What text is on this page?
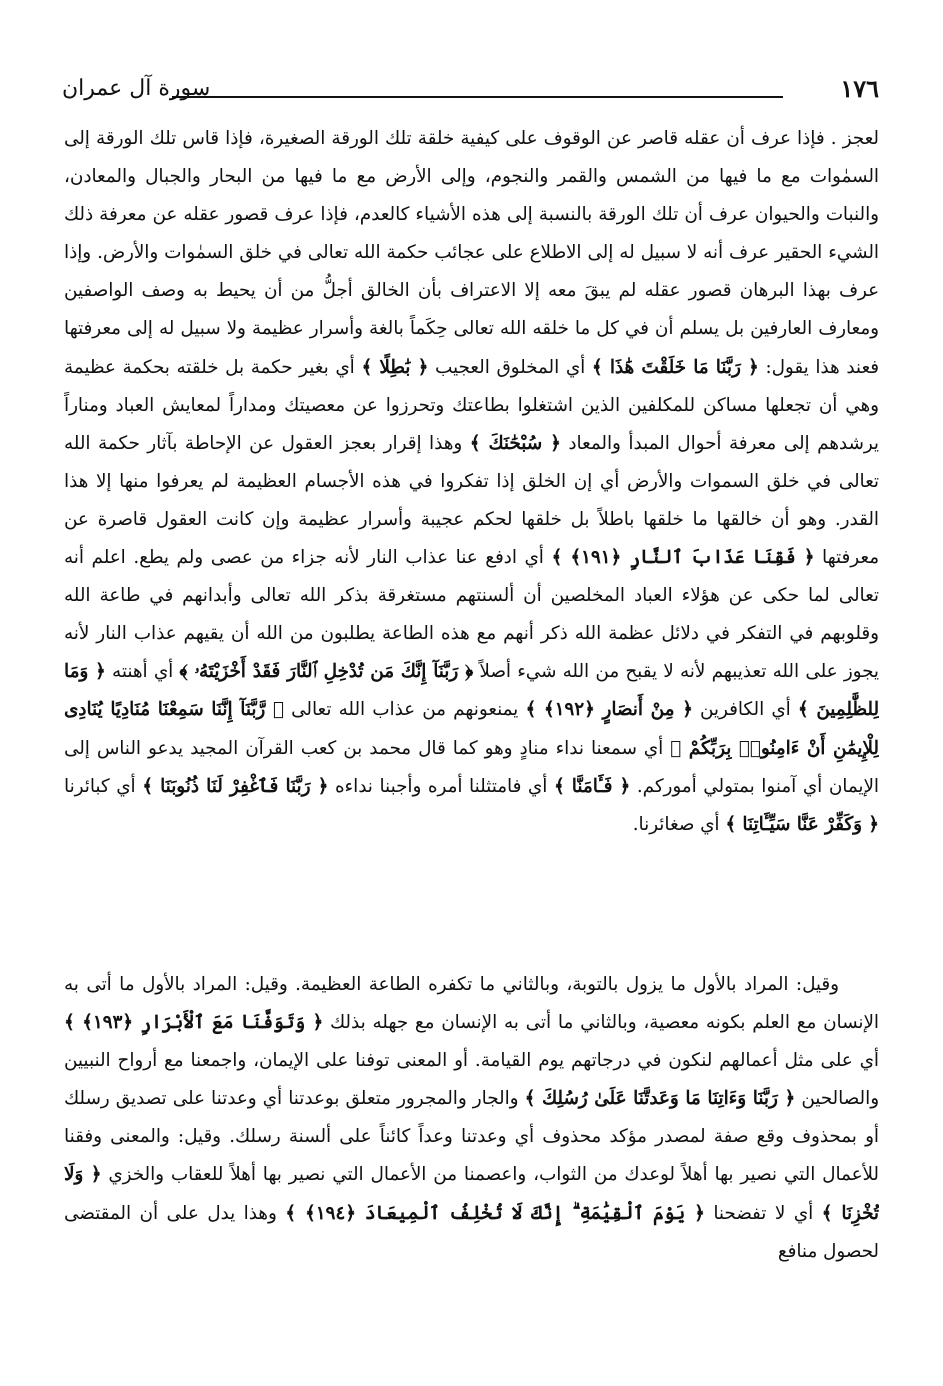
سورة آل عمران	١٧٦
لعجز . فإذا عرف أن عقله قاصر عن الوقوف على كيفية خلقة تلك الورقة الصغيرة، فإذا قاس تلك الورقة إلى السمٰوات مع ما فيها من الشمس والقمر والنجوم، وإلى الأرض مع ما فيها من البحار والجبال والمعادن، والنبات والحيوان عرف أن تلك الورقة بالنسبة إلى هذه الأشياء كالعدم، فإذا عرف قصور عقله عن معرفة ذلك الشيء الحقير عرف أنه لا سبيل له إلى الاطلاع على عجائب حكمة الله تعالى في خلق السمٰوات والأرض. وإذا عرف بهذا البرهان قصور عقله لم يبقَ معه إلا الاعتراف بأن الخالق أجلُّ من أن يحيط به وصف الواصفين ومعارف العارفين بل يسلم أن في كل ما خلقه الله تعالى حِكَماً بالغة وأسرار عظيمة ولا سبيل له إلى معرفتها فعند هذا يقول: ﴿ رَبَّنَا مَا خَلَقْتَ هَٰذَا ﴾ أي المخلوق العجيب ﴿ بَٰطِلًا ﴾ أي بغير حكمة بل خلقته بحكمة عظيمة وهي أن تجعلها مساكن للمكلفين الذين اشتغلوا بطاعتك وتحرزوا عن معصيتك ومداراً لمعايش العباد ومناراً يرشدهم إلى معرفة أحوال المبدأ والمعاد ﴿ سُبْحَٰنَكَ ﴾ وهذا إقرار بعجز العقول عن الإحاطة بآثار حكمة الله تعالى في خلق السموات والأرض أي إن الخلق إذا تفكروا في هذه الأجسام العظيمة لم يعرفوا منها إلا هذا القدر. وهو أن خالقها ما خلقها باطلاً بل خلقها لحكم عجيبة وأسرار عظيمة وإن كانت العقول قاصرة عن معرفتها ﴿ فَقِنَا عَذَابَ ٱلنَّارِ ﴿١٩١﴾ ﴾ أي ادفع عنا عذاب النار لأنه جزاء من عصى ولم يطع. اعلم أنه تعالى لما حكى عن هؤلاء العباد المخلصين أن ألسنتهم مستغرقة بذكر الله تعالى وأبدانهم في طاعة الله وقلوبهم في التفكر في دلائل عظمة الله ذكر أنهم مع هذه الطاعة يطلبون من الله أن يقيهم عذاب النار لأنه يجوز على الله تعذيبهم لأنه لا يقبح من الله شيء أصلاً ﴿ رَبَّنَآ إِنَّكَ مَن تُدْخِلِ ٱلنَّارَ فَقَدْ أَخْزَيْتَهُۥ ﴾ أي أهنته ﴿ وَمَا لِلظَّٰلِمِينَ ﴾ أي الكافرين ﴿ مِنْ أَنصَارٍ ﴿١٩٢﴾ ﴾ يمنعونهم من عذاب الله تعالى ﴿ رَّبَّنَآ إِنَّنَا سَمِعْنَا مُنَادِيًا يُنَادِى لِلْإِيمَٰنِ أَنْ ءَامِنُوا۟ بِرَبِّكُمْ ﴾ أي سمعنا نداء منادٍ وهو كما قال محمد بن كعب القرآن المجيد يدعو الناس إلى الإيمان أي آمنوا بمتولي أموركم. ﴿ فَـَٔامَنَّا ﴾ أي فامتثلنا أمره وأجبنا نداءه ﴿ رَبَّنَا فَٱغْفِرْ لَنَا ذُنُوبَنَا ﴾ أي كبائرنا ﴿ وَكَفِّرْ عَنَّا سَيِّـَٔاتِنَا ﴾ أي صغائرنا.
وقيل: المراد بالأول ما يزول بالتوبة، وبالثاني ما تكفره الطاعة العظيمة. وقيل: المراد بالأول ما أتى به الإنسان مع العلم بكونه معصية، وبالثاني ما أتى به الإنسان مع جهله بذلك ﴿ وَتَوَفَّنَا مَعَ ٱلْأَبْرَارِ ﴿١٩٣﴾ ﴾ أي على مثل أعمالهم لنكون في درجاتهم يوم القيامة. أو المعنى توفنا على الإيمان، واجمعنا مع أرواح النبيين والصالحين ﴿ رَبَّنَا وَءَاتِنَا مَا وَعَدتَّنَا عَلَىٰ رُسُلِكَ ﴾ والجار والمجرور متعلق بوعدتنا أي وعدتنا على تصديق رسلك أو بمحذوف وقع صفة لمصدر مؤكد محذوف أي وعدتنا وعداً كائناً على ألسنة رسلك. وقيل: والمعنى وفقنا للأعمال التي نصير بها أهلاً لوعدك من الثواب، واعصمنا من الأعمال التي نصير بها أهلاً للعقاب والخزي ﴿ وَلَا تُخْزِنَا ﴾ أي لا تفضحنا ﴿ يَوْمَ ٱلْقِيَٰمَةِ ۗ إِنَّكَ لَا تُخْلِفُ ٱلْمِيعَادَ ﴿١٩٤﴾ ﴾ وهذا يدل على أن المقتضى لحصول منافع
